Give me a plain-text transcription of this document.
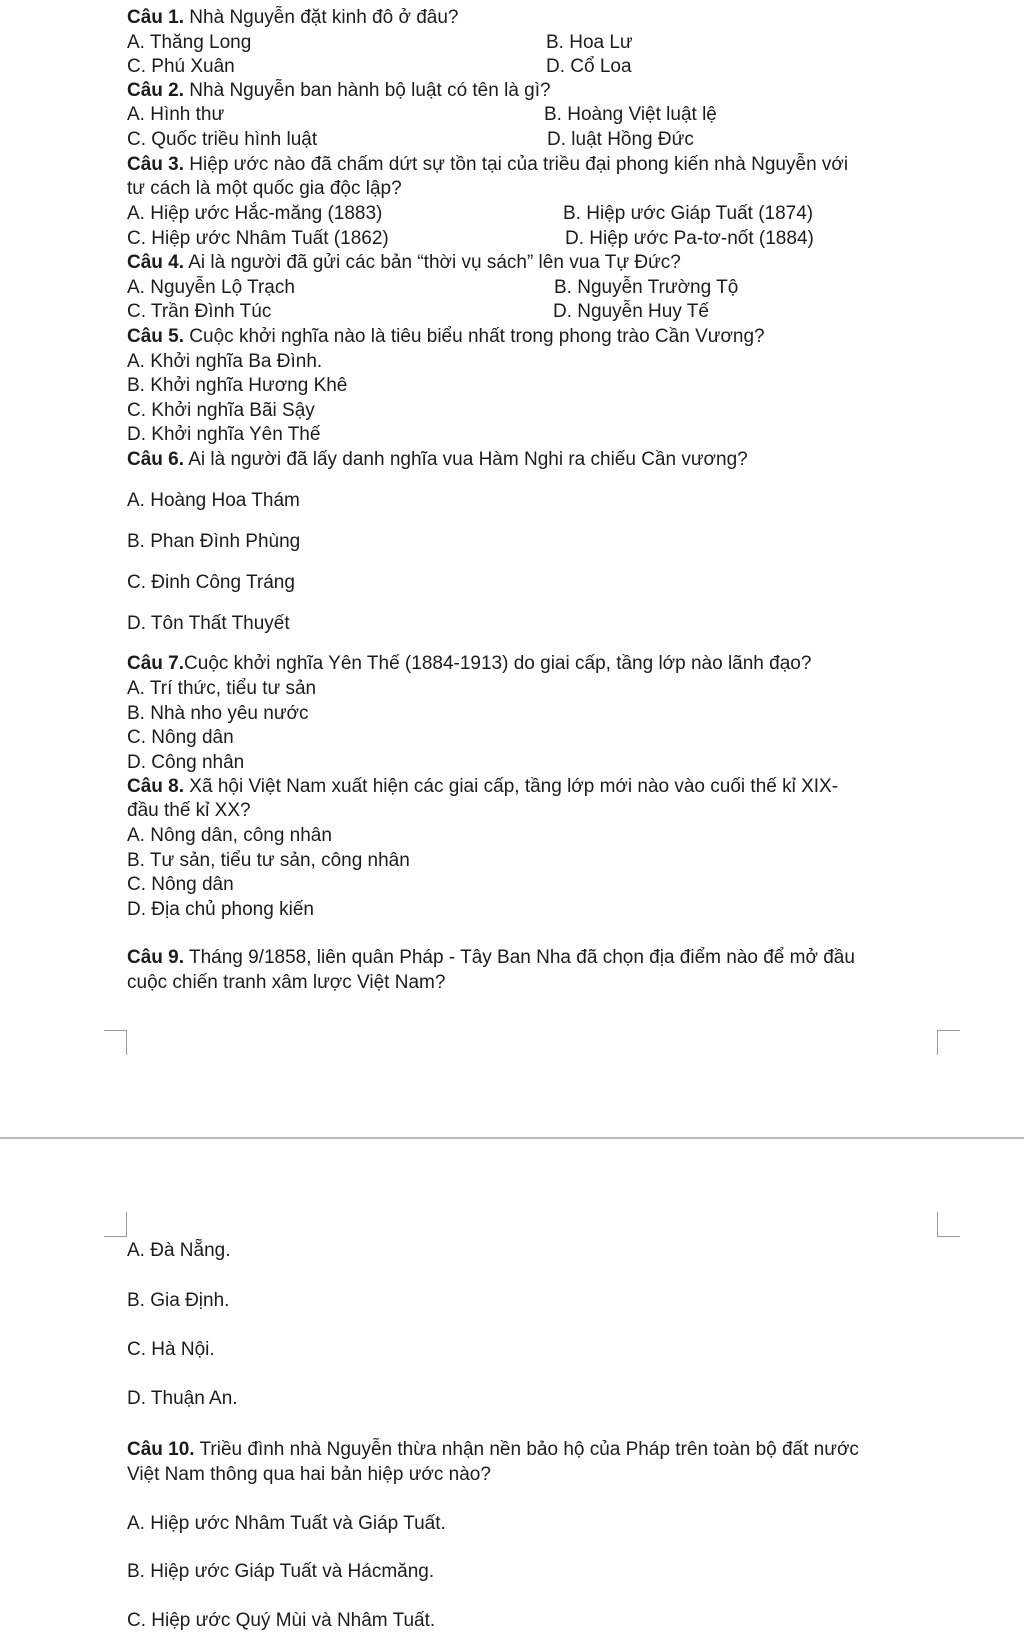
Câu 1. Nhà Nguyễn đặt kinh đô ở đâu?
A. Thăng Long	B. Hoa Lư
C. Phú Xuân	D. Cổ Loa
Câu 2. Nhà Nguyễn ban hành bộ luật có tên là gì?
A. Hình thư	B. Hoàng Việt luật lệ
C. Quốc triều hình luật	D. luật Hồng Đức
Câu 3. Hiệp ước nào đã chấm dứt sự tồn tại của triều đại phong kiến nhà Nguyễn với
tư cách là một quốc gia độc lập?
A. Hiệp ước Hắc-măng (1883)	B. Hiệp ước Giáp Tuất (1874)
C. Hiệp ước Nhâm Tuất (1862)	D. Hiệp ước Pa-tơ-nốt (1884)
Câu 4. Ai là người đã gửi các bản “thời vụ sách” lên vua Tự Đức?
A. Nguyễn Lộ Trạch	B. Nguyễn Trường Tộ
C. Trần Đình Túc	D. Nguyễn Huy Tế
Câu 5. Cuộc khởi nghĩa nào là tiêu biểu nhất trong phong trào Cần Vương?
A. Khởi nghĩa Ba Đình.
B. Khởi nghĩa Hương Khê
C. Khởi nghĩa Bãi Sậy
D. Khởi nghĩa Yên Thế
Câu 6. Ai là người đã lấy danh nghĩa vua Hàm Nghi ra chiếu Cần vương?
A. Hoàng Hoa Thám
B. Phan Đình Phùng
C. Đinh Công Tráng
D. Tôn Thất Thuyết
Câu 7.Cuộc khởi nghĩa Yên Thế (1884-1913) do giai cấp, tầng lớp nào lãnh đạo?
A. Trí thức, tiểu tư sản
B. Nhà nho yêu nước
C. Nông dân
D. Công nhân
Câu 8. Xã hội Việt Nam xuất hiện các giai cấp, tầng lớp mới nào vào cuối thế kỉ XIX-
đầu thế kỉ XX?
A. Nông dân, công nhân
B. Tư sản, tiểu tư sản, công nhân
C. Nông dân
D. Địa chủ phong kiến
Câu 9. Tháng 9/1858, liên quân Pháp - Tây Ban Nha đã chọn địa điểm nào để mở đầu
cuộc chiến tranh xâm lược Việt Nam?
A. Đà Nẵng.
B. Gia Định.
C. Hà Nội.
D. Thuận An.
Câu 10. Triều đình nhà Nguyễn thừa nhận nền bảo hộ của Pháp trên toàn bộ đất nước
Việt Nam thông qua hai bản hiệp ước nào?
A. Hiệp ước Nhâm Tuất và Giáp Tuất.
B. Hiệp ước Giáp Tuất và Hácmăng.
C. Hiệp ước Quý Mùi và Nhâm Tuất.
